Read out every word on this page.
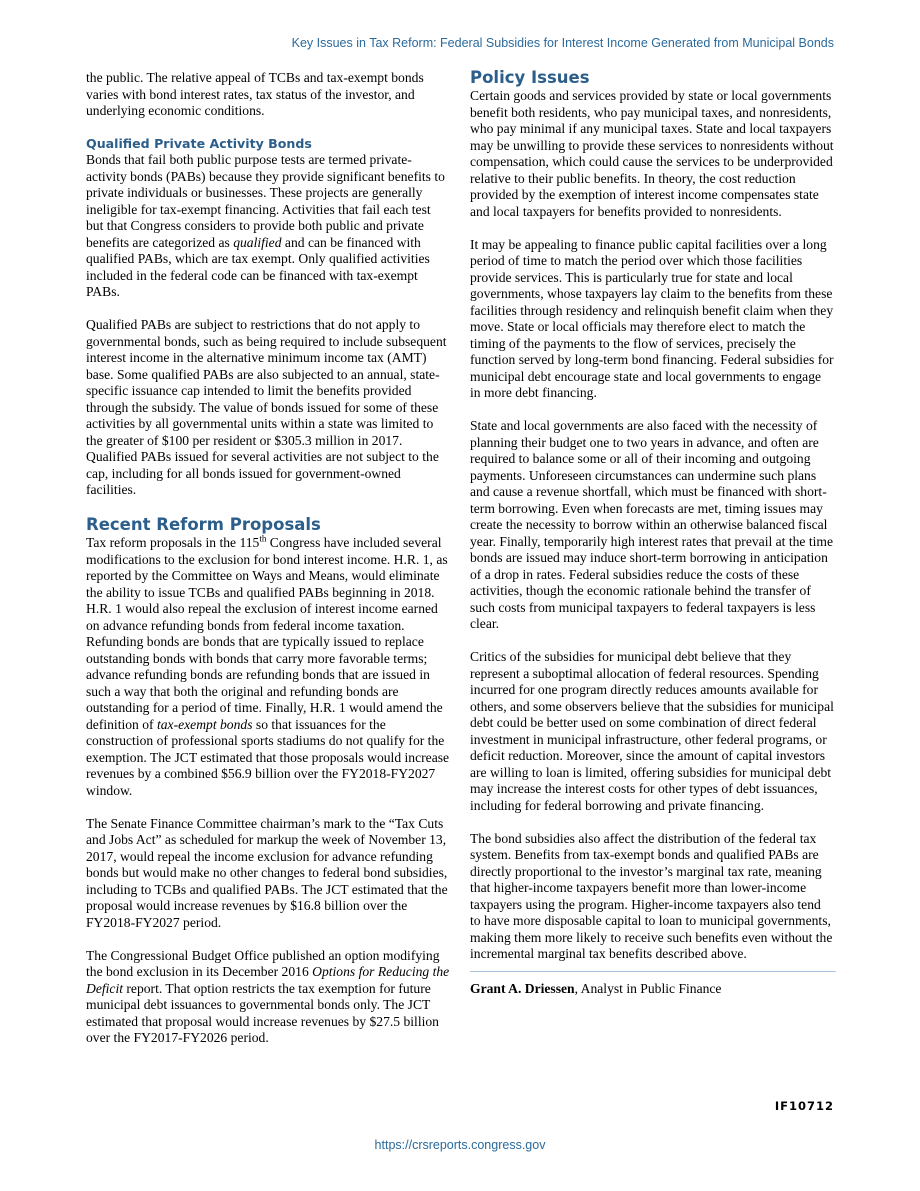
Key Issues in Tax Reform: Federal Subsidies for Interest Income Generated from Municipal Bonds

the public. The relative appeal of TCBs and tax-exempt bonds varies with bond interest rates, tax status of the investor, and underlying economic conditions.

Qualified Private Activity Bonds

Bonds that fail both public purpose tests are termed private-activity bonds (PABs) because they provide significant benefits to private individuals or businesses. These projects are generally ineligible for tax-exempt financing. Activities that fail each test but that Congress considers to provide both public and private benefits are categorized as qualified and can be financed with qualified PABs, which are tax exempt. Only qualified activities included in the federal code can be financed with tax-exempt PABs.

Qualified PABs are subject to restrictions that do not apply to governmental bonds, such as being required to include subsequent interest income in the alternative minimum income tax (AMT) base. Some qualified PABs are also subjected to an annual, state-specific issuance cap intended to limit the benefits provided through the subsidy. The value of bonds issued for some of these activities by all governmental units within a state was limited to the greater of $100 per resident or $305.3 million in 2017. Qualified PABs issued for several activities are not subject to the cap, including for all bonds issued for government-owned facilities.

Recent Reform Proposals

Tax reform proposals in the 115th Congress have included several modifications to the exclusion for bond interest income. H.R. 1, as reported by the Committee on Ways and Means, would eliminate the ability to issue TCBs and qualified PABs beginning in 2018. H.R. 1 would also repeal the exclusion of interest income earned on advance refunding bonds from federal income taxation. Refunding bonds are bonds that are typically issued to replace outstanding bonds with bonds that carry more favorable terms; advance refunding bonds are refunding bonds that are issued in such a way that both the original and refunding bonds are outstanding for a period of time. Finally, H.R. 1 would amend the definition of tax-exempt bonds so that issuances for the construction of professional sports stadiums do not qualify for the exemption. The JCT estimated that those proposals would increase revenues by a combined $56.9 billion over the FY2018-FY2027 window.

The Senate Finance Committee chairman’s mark to the “Tax Cuts and Jobs Act” as scheduled for markup the week of November 13, 2017, would repeal the income exclusion for advance refunding bonds but would make no other changes to federal bond subsidies, including to TCBs and qualified PABs. The JCT estimated that the proposal would increase revenues by $16.8 billion over the FY2018-FY2027 period.

The Congressional Budget Office published an option modifying the bond exclusion in its December 2016 Options for Reducing the Deficit report. That option restricts the tax exemption for future municipal debt issuances to governmental bonds only. The JCT estimated that proposal would increase revenues by $27.5 billion over the FY2017-FY2026 period.

Policy Issues

Certain goods and services provided by state or local governments benefit both residents, who pay municipal taxes, and nonresidents, who pay minimal if any municipal taxes. State and local taxpayers may be unwilling to provide these services to nonresidents without compensation, which could cause the services to be underprovided relative to their public benefits. In theory, the cost reduction provided by the exemption of interest income compensates state and local taxpayers for benefits provided to nonresidents.

It may be appealing to finance public capital facilities over a long period of time to match the period over which those facilities provide services. This is particularly true for state and local governments, whose taxpayers lay claim to the benefits from these facilities through residency and relinquish benefit claim when they move. State or local officials may therefore elect to match the timing of the payments to the flow of services, precisely the function served by long-term bond financing. Federal subsidies for municipal debt encourage state and local governments to engage in more debt financing.

State and local governments are also faced with the necessity of planning their budget one to two years in advance, and often are required to balance some or all of their incoming and outgoing payments. Unforeseen circumstances can undermine such plans and cause a revenue shortfall, which must be financed with short-term borrowing. Even when forecasts are met, timing issues may create the necessity to borrow within an otherwise balanced fiscal year. Finally, temporarily high interest rates that prevail at the time bonds are issued may induce short-term borrowing in anticipation of a drop in rates. Federal subsidies reduce the costs of these activities, though the economic rationale behind the transfer of such costs from municipal taxpayers to federal taxpayers is less clear.

Critics of the subsidies for municipal debt believe that they represent a suboptimal allocation of federal resources. Spending incurred for one program directly reduces amounts available for others, and some observers believe that the subsidies for municipal debt could be better used on some combination of direct federal investment in municipal infrastructure, other federal programs, or deficit reduction. Moreover, since the amount of capital investors are willing to loan is limited, offering subsidies for municipal debt may increase the interest costs for other types of debt issuances, including for federal borrowing and private financing.

The bond subsidies also affect the distribution of the federal tax system. Benefits from tax-exempt bonds and qualified PABs are directly proportional to the investor’s marginal tax rate, meaning that higher-income taxpayers benefit more than lower-income taxpayers using the program. Higher-income taxpayers also tend to have more disposable capital to loan to municipal governments, making them more likely to receive such benefits even without the incremental marginal tax benefits described above.

Grant A. Driessen, Analyst in Public Finance

IF10712
https://crsreports.congress.gov
